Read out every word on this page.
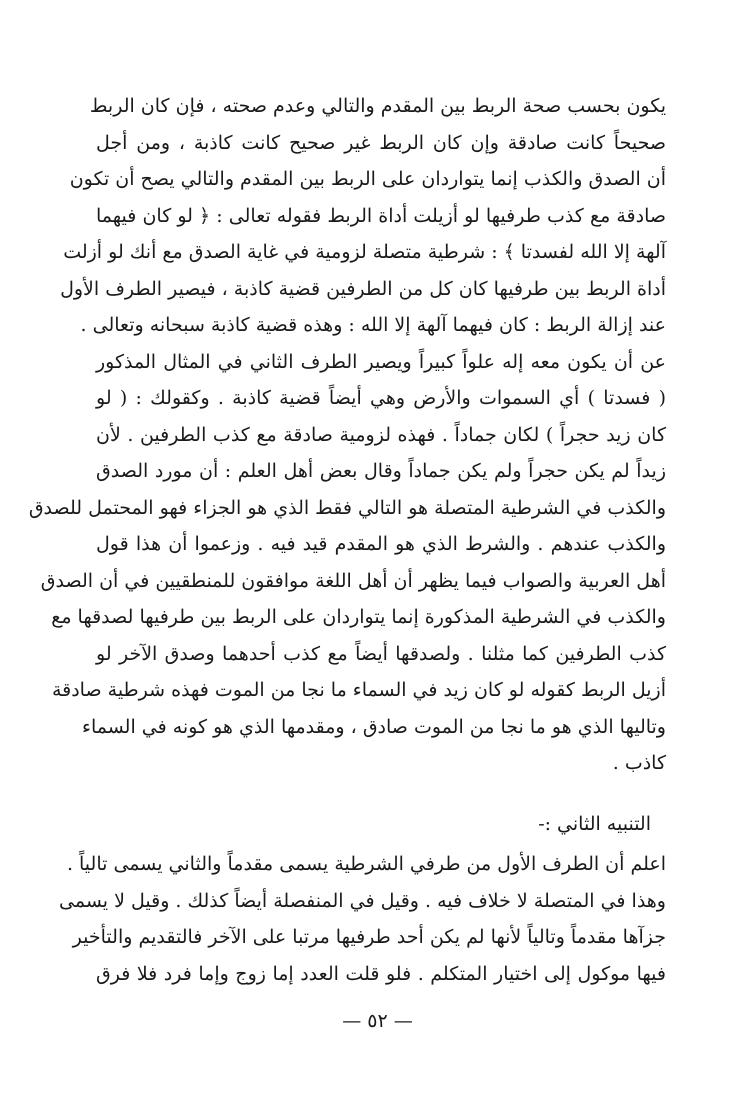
يكون بحسب صحة الربط بين المقدم والتالي وعدم صحته ، فإن كان الربط
صحيحاً كانت صادقة وإن كان الربط غير صحيح كانت كاذبة ، ومن أجل
أن الصدق والكذب إنما يتواردان على الربط بين المقدم والتالي يصح أن تكون
صادقة مع كذب طرفيها لو أزيلت أداة الربط فقوله تعالى : ﴿ لو كان فيهما
آلهة إلا الله لفسدتا ﴾ : شرطية متصلة لزومية في غاية الصدق مع أنك لو أزلت
أداة الربط بين طرفيها كان كل من الطرفين قضية كاذبة ، فيصير الطرف الأول
عند إزالة الربط : كان فيهما آلهة إلا الله : وهذه قضية كاذبة سبحانه وتعالى .
عن أن يكون معه إله علواً كبيراً ويصير الطرف الثاني في المثال المذكور
( فسدتا ) أي السموات والأرض وهي أيضاً قضية كاذبة . وكقولك : ( لو
كان زيد حجراً ) لكان جماداً . فهذه لزومية صادقة مع كذب الطرفين . لأن
زيداً لم يكن حجراً ولم يكن جماداً وقال بعض أهل العلم : أن مورد الصدق
والكذب في الشرطية المتصلة هو التالي فقط الذي هو الجزاء فهو المحتمل للصدق
والكذب عندهم . والشرط الذي هو المقدم قيد فيه . وزعموا أن هذا قول
أهل العربية والصواب فيما يظهر أن أهل اللغة موافقون للمنطقيين في أن الصدق
والكذب في الشرطية المذكورة إنما يتواردان على الربط بين طرفيها لصدقها مع
كذب الطرفين كما مثلنا . ولصدقها أيضاً مع كذب أحدهما وصدق الآخر لو
أزيل الربط كقوله لو كان زيد في السماء ما نجا من الموت فهذه شرطية صادقة
وتاليها الذي هو ما نجا من الموت صادق ، ومقدمها الذي هو كونه في السماء
كاذب .
التنبيه الثاني :-
اعلم أن الطرف الأول من طرفي الشرطية يسمى مقدماً والثاني يسمى تالياً .
وهذا في المتصلة لا خلاف فيه . وقيل في المنفصلة أيضاً كذلك . وقيل لا يسمى
جزآها مقدماً وتالياً لأنها لم يكن أحد طرفيها مرتبا على الآخر فالتقديم والتأخير
فيها موكول إلى اختيار المتكلم . فلو قلت العدد إما زوج وإما فرد فلا فرق
— ٥٢ —
